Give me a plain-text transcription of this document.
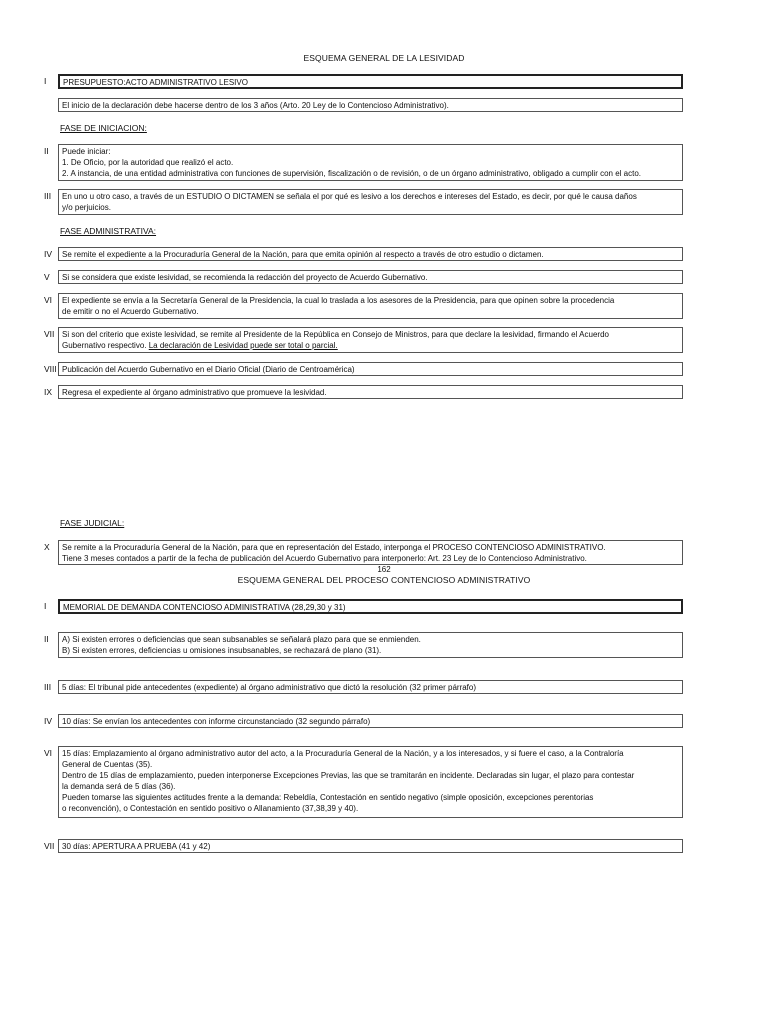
ESQUEMA GENERAL DE LA LESIVIDAD
I	PRESUPUESTO:ACTO ADMINISTRATIVO LESIVO
El inicio de la declaración debe hacerse dentro de los 3 años (Arto. 20 Ley de lo Contencioso Administrativo).
FASE DE INICIACION:
II	Puede iniciar:
1. De Oficio, por la autoridad que realizó el acto.
2. A instancia, de una entidad administrativa con funciones de supervisión, fiscalización o de revisión, o de un órgano administrativo, obligado a cumplir con el acto.
III	En uno u otro caso, a través de un ESTUDIO O DICTAMEN se señala el por qué es lesivo a los derechos e intereses del Estado, es decir, por qué le causa daños
y/o perjuicios.
FASE ADMINISTRATIVA:
IV	Se remite el expediente a la Procuraduría General de la Nación, para que emita opinión al respecto a través de otro estudio o dictamen.
V	Si se considera que existe lesividad, se recomienda la redacción del proyecto de Acuerdo Gubernativo.
VI	El expediente se envía a la Secretaría General de la Presidencia, la cual lo traslada a los asesores de la Presidencia, para que opinen sobre la procedencia
de emitir o no el Acuerdo Gubernativo.
VII Si son del criterio que existe lesividad, se remite al Presidente de la República en Consejo de Ministros, para que declare la lesividad, firmando el Acuerdo
Gubernativo respectivo. La declaración de Lesividad puede ser total o parcial.
VIII Publicación del Acuerdo Gubernativo en el Diario Oficial (Diario de Centroamérica)
IX	Regresa el expediente al órgano administrativo que promueve la lesividad.
FASE JUDICIAL:
X	Se remite a la Procuraduría General de la Nación, para que en representación del Estado, interponga el PROCESO CONTENCIOSO ADMINISTRATIVO.
Tiene 3 meses contados a partir de la fecha de publicación del Acuerdo Gubernativo para interponerlo: Art. 23 Ley de lo Contencioso Administrativo.
162
ESQUEMA GENERAL DEL PROCESO CONTENCIOSO ADMINISTRATIVO
I	MEMORIAL DE DEMANDA CONTENCIOSO ADMINISTRATIVA (28,29,30 y 31)
II	A) Si existen errores o deficiencias que sean subsanables se señalará plazo para que se enmienden.
B) Si existen errores, deficiencias u omisiones insubsanables, se rechazará de plano (31).
III	5 días: El tribunal pide antecedentes (expediente) al órgano administrativo que dictó la resolución (32 primer párrafo)
IV	10 días: Se envían los antecedentes con informe circunstanciado (32 segundo párrafo)
VI	15 días: Emplazamiento al órgano administrativo autor del acto, a la Procuraduría General de la Nación, y a los interesados, y si fuere el caso, a la Contraloría
General de Cuentas (35).
Dentro de 15 días de emplazamiento, pueden interponerse Excepciones Previas, las que se tramitarán en incidente. Declaradas sin lugar, el plazo para contestar
la demanda será de 5 días (36).
Pueden tomarse las siguientes actitudes frente a la demanda: Rebeldía, Contestación en sentido negativo (simple oposición, excepciones perentorias
o reconvención), o Contestación en sentido positivo o Allanamiento (37,38,39 y 40).
VII 30 días: APERTURA A PRUEBA (41 y 42)
